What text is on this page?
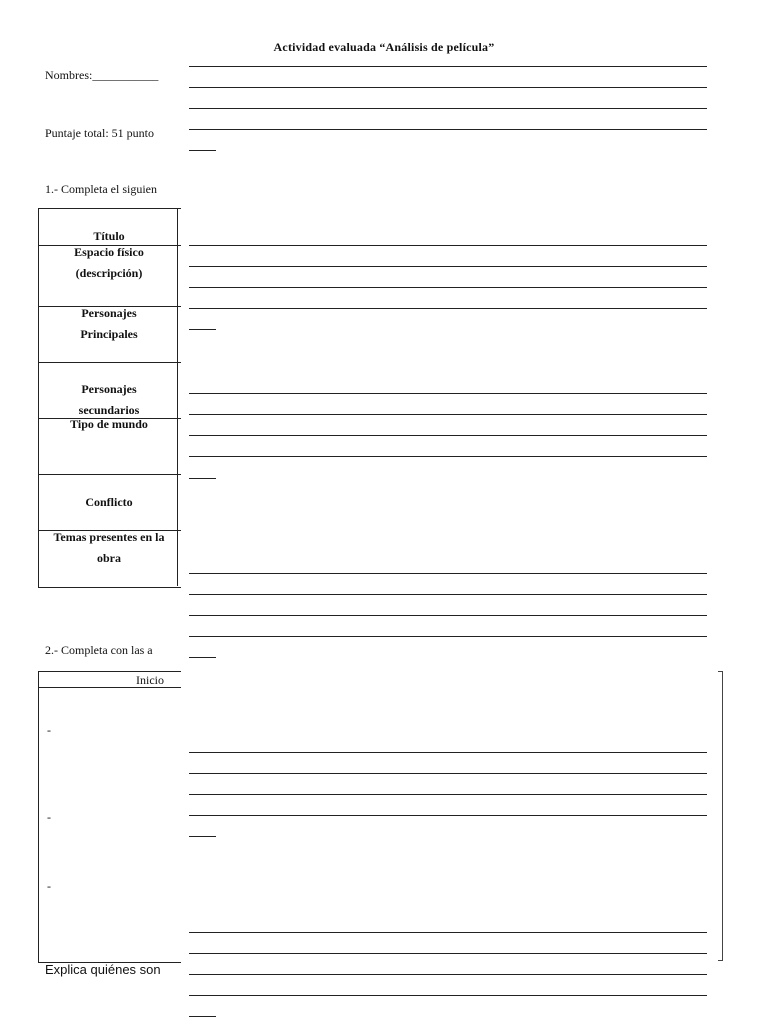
Actividad evaluada “Análisis de película”
Nombres:___________
Puntaje total: 51 punto
1.- Completa el siguien
Título
Espacio físico (descripción)
Personajes Principales
Personajes secundarios
Tipo de mundo
Conflicto
Temas presentes en la obra
2.- Completa con las a
Inicio
-
-
-
Explica quiénes son
